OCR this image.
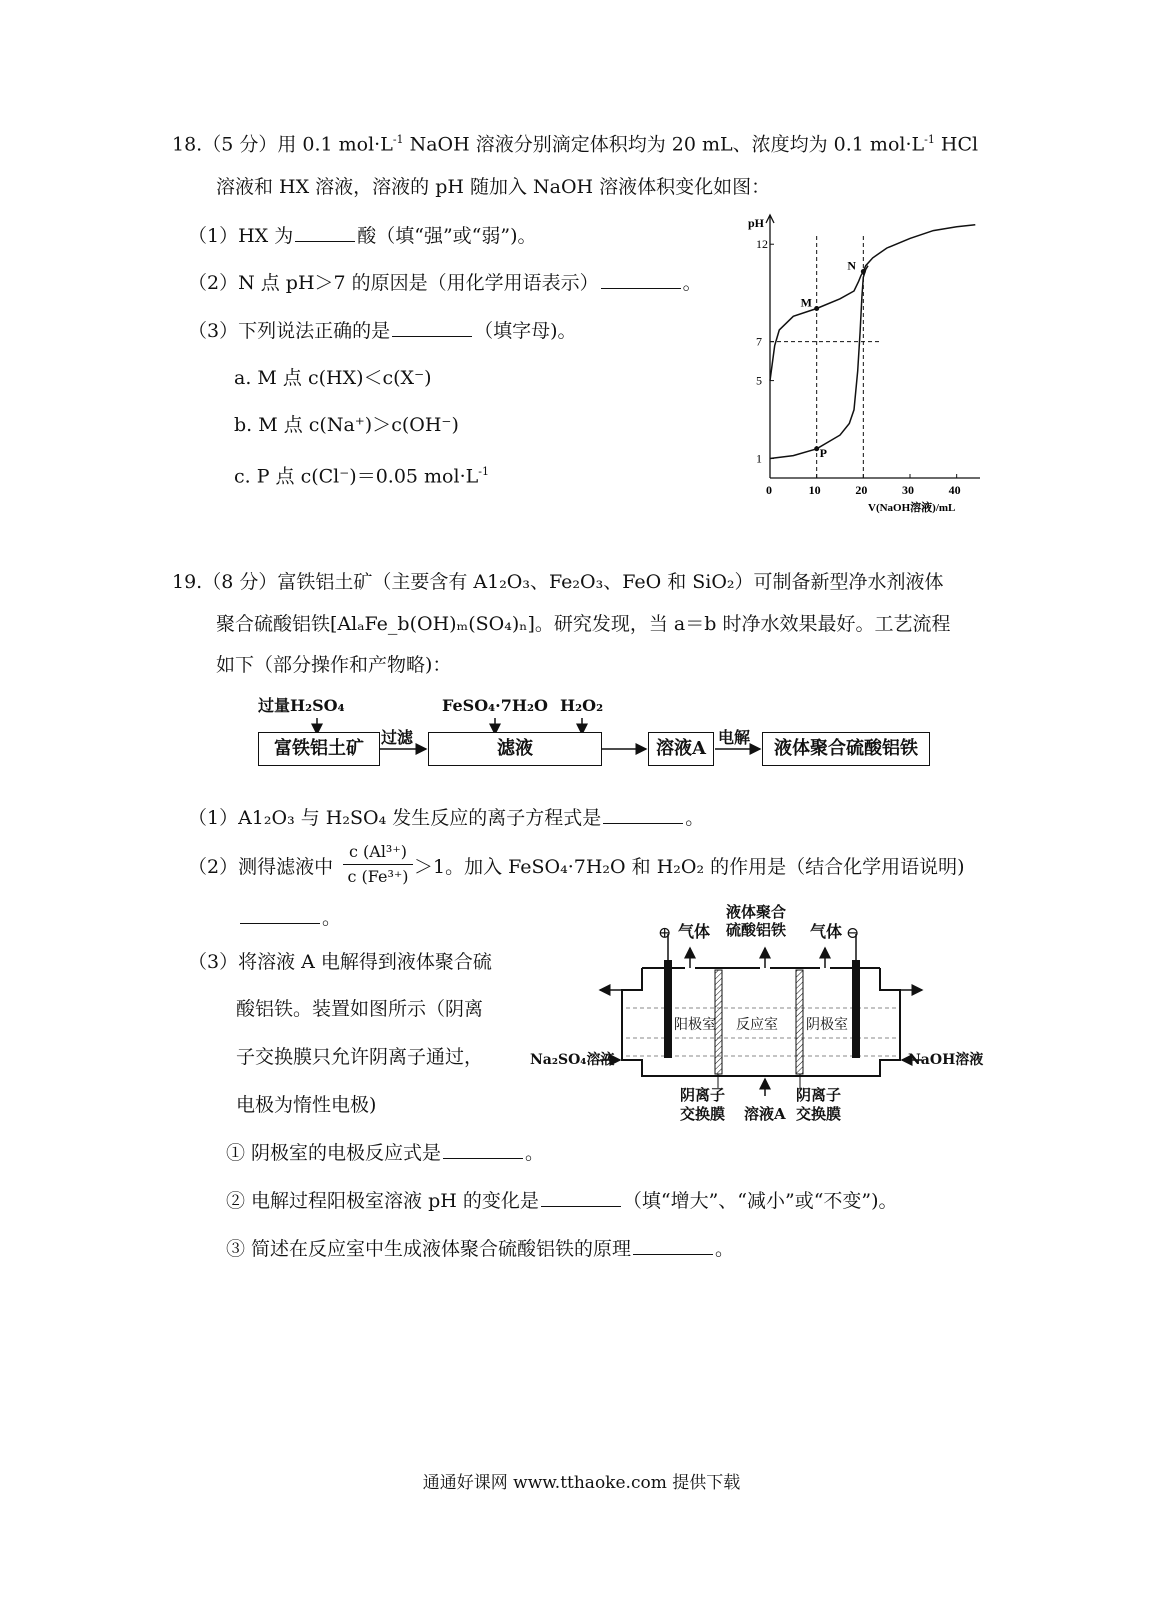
18.（5 分）用 0.1 $mol\cdot L^{-1}$ NaOH 溶液分别滴定体积均为 20 mL、浓度均为 0.1 $mol\cdot L^{-1}$ HCl
溶液和 HX 溶液，溶液的 pH 随加入 NaOH 溶液体积变化如图：
（1）HX 为	酸（填“强”或“弱”)。
（2）N 点 pH＞7 的原因是（用化学用语表示）	。
（3）下列说法正确的是	（填字母)。
a. M 点 c(HX)＜c(X⁻)
b. M 点 c(Na⁺)＞c(OH⁻)
c. P 点 c(Cl⁻)＝0.05 $mol\cdot L^{-1}$
pH
V(NaOH溶液)/mL
12
7
5
1
0	10	20	30	40
M
N
P
19.（8 分）富铁铝土矿（主要含有 A1₂O₃、Fe₂O₃、FeO 和 SiO₂）可制备新型净水剂液体
聚合硫酸铝铁[AlₐFe_b(OH)ₘ(SO₄)ₙ]。研究发现，当 a＝b 时净水效果最好。工艺流程
如下（部分操作和产物略)：
过量H₂SO₄	FeSO₄·7H₂O H₂O₂
富铁铝土矿
过滤
滤液	溶液A
电解
液体聚合硫酸铝铁
（1）A1₂O₃ 与 H₂SO₄ 发生反应的离子方程式是	。
（2）测得滤液中 $\frac{\text{c (Al³⁺)}}{\text{c (Fe³⁺)}} >1$。加入 FeSO₄·7H₂O 和 H₂O₂ 的作用是（结合化学用语说明)
。
（3）将溶液 A 电解得到液体聚合硫
酸铝铁。装置如图所示（阴离
子交换膜只允许阴离子通过，
电极为惰性电极)
⊕	⊖
气体	气体
液体聚合
硫酸铝铁
阳极室 反应室 阴极室
Na₂SO₄溶液	NaOH溶液
阴离子
交换膜 溶液A
阴离子
交换膜
① 阴极室的电极反应式是	。
② 电解过程阳极室溶液 pH 的变化是	（填“增大”、“减小”或“不变”)。
③ 简述在反应室中生成液体聚合硫酸铝铁的原理	。
通通好课网 www.tthaoke.com 提供下载
